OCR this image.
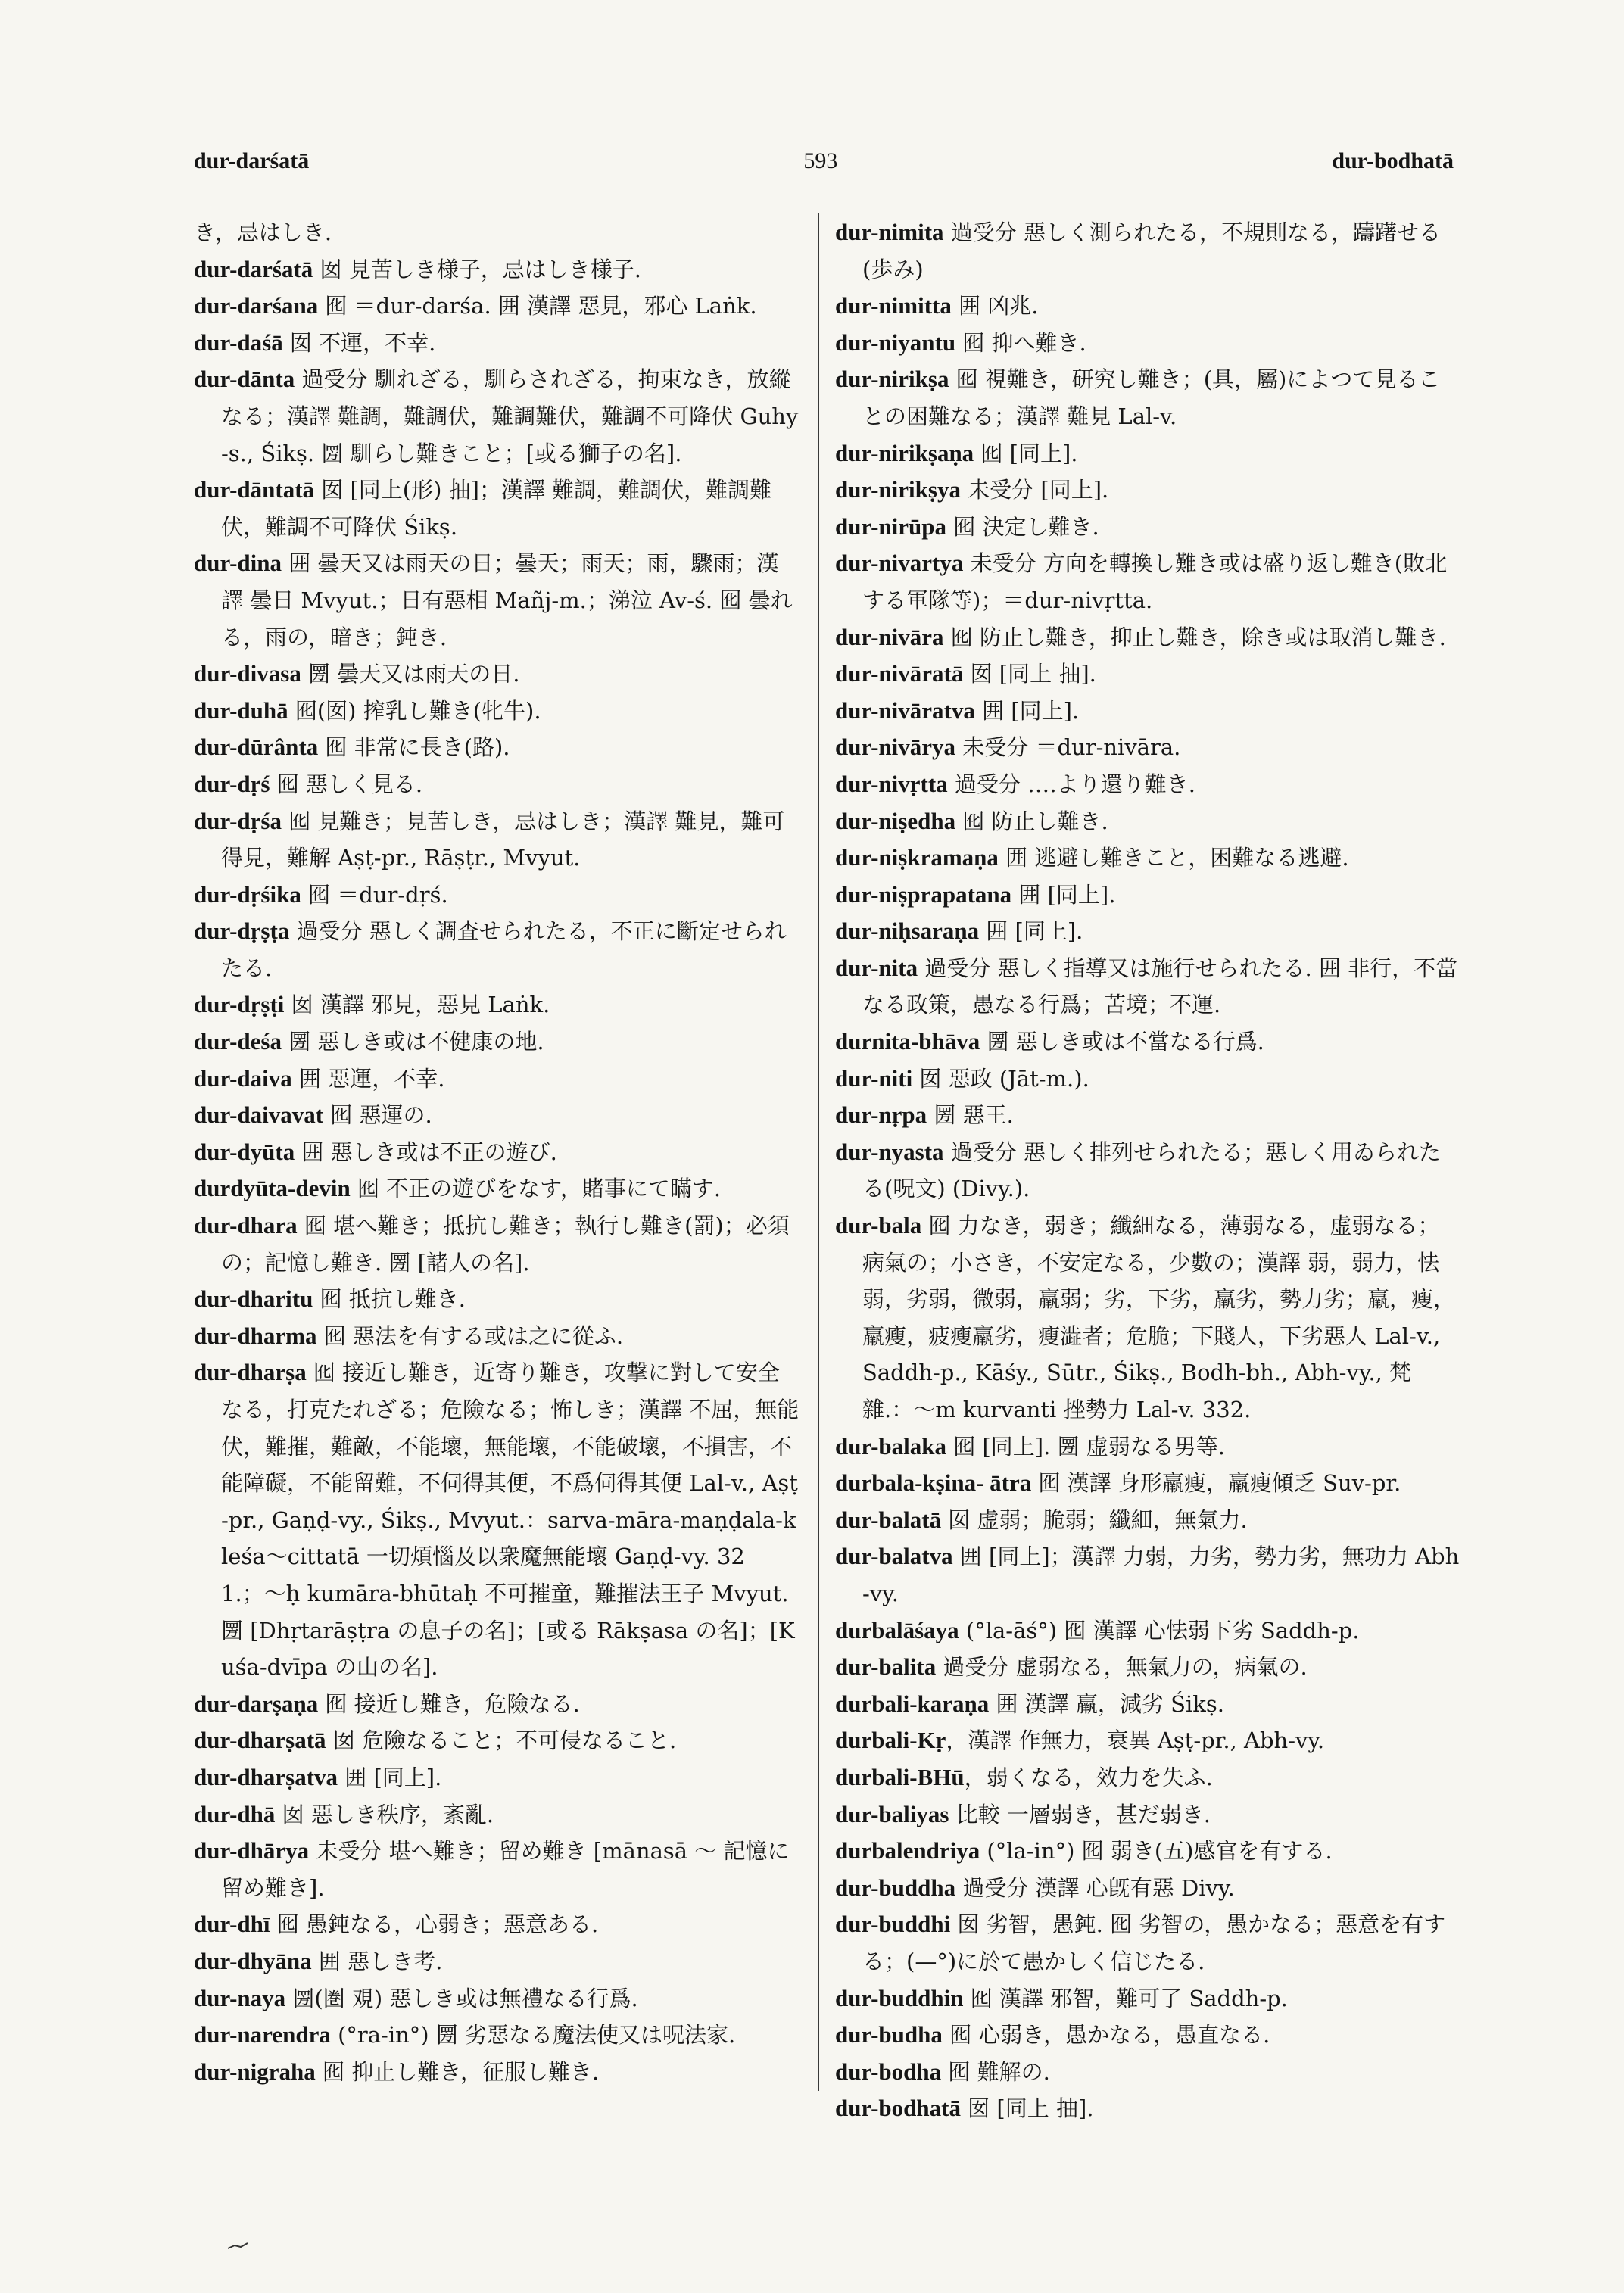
dur-darśatā	593	dur-bodhatā

き，忌はしき.

dur-darśatā 囡 見苦しき様子，忌はしき様子.

dur-darśana 囮 ＝dur-darśa. 囲 漢譯 惡見，邪心 Laṅk.

dur-daśā 囡 不運，不幸.

dur-dānta 過受分 馴れざる，馴らされざる，拘束なき，放縱なる；漢譯 難調，難調伏，難調難伏，難調不可降伏 Guhy-s., Śikṣ. 圐 馴らし難きこと；[或る獅子の名].

dur-dāntatā 囡 [同上(形) 抽]；漢譯 難調，難調伏，難調難伏，難調不可降伏 Śikṣ.

dur-dina 囲 曇天又は雨天の日；曇天；雨天；雨，驟雨；漢譯 曇日 Mvyut.；日有惡相 Mañj-m.；涕泣 Av-ś. 囮 曇れる，雨の，暗き；鈍き.

dur-divasa 圐 曇天又は雨天の日.

dur-duhā 囮(囡) 搾乳し難き(牝牛).

dur-dūrânta 囮 非常に長き(路).

dur-dṛś 囮 惡しく見る.

dur-dṛśa 囮 見難き；見苦しき，忌はしき；漢譯 難見，難可得見，難解 Aṣṭ-pr., Rāṣṭr., Mvyut.

dur-dṛśika 囮 ＝dur-dṛś.

dur-dṛṣṭa 過受分 惡しく調査せられたる，不正に斷定せられたる.

dur-dṛṣṭi 囡 漢譯 邪見，惡見 Laṅk.

dur-deśa 圐 惡しき或は不健康の地.

dur-daiva 囲 惡運，不幸.

dur-daivavat 囮 惡運の.

dur-dyūta 囲 惡しき或は不正の遊び.

durdyūta-devin 囮 不正の遊びをなす，賭事にて瞞す.

dur-dhara 囮 堪へ難き；抵抗し難き；執行し難き(罰)；必須の；記憶し難き. 圐 [諸人の名].

dur-dharitu 囮 抵抗し難き.

dur-dharma 囮 惡法を有する或は之に從ふ.

dur-dharṣa 囮 接近し難き，近寄り難き，攻撃に對して安全なる，打克たれざる；危險なる；怖しき；漢譯 不屈，無能伏，難摧，難敵，不能壞，無能壞，不能破壞，不損害，不能障礙，不能留難，不伺得其便，不爲伺得其便 Lal-v., Aṣṭ-pr., Gaṇḍ-vy., Śikṣ., Mvyut.：sarva-māra-maṇḍala-kleśa〜cittatā 一切煩惱及以衆魔無能壞 Gaṇḍ-vy. 321.；〜ḥ kumāra-bhūtaḥ 不可摧童，難摧法王子 Mvyut. 圐 [Dhṛtarāṣṭra の息子の名]；[或る Rākṣasa の名]；[Kuśa-dvīpa の山の名].

dur-darṣaṇa 囮 接近し難き，危險なる.

dur-dharṣatā 囡 危險なること；不可侵なること.

dur-dharṣatva 囲 [同上].

dur-dhā 囡 惡しき秩序，紊亂.

dur-dhārya 未受分 堪へ難き；留め難き [mānasā 〜 記憶に留め難き].

dur-dhī 囮 愚鈍なる，心弱き；惡意ある.

dur-dhyāna 囲 惡しき考.

dur-naya 圐(圏 覌) 惡しき或は無禮なる行爲.

dur-narendra (°ra-in°) 圐 劣惡なる魔法使又は呪法家.

dur-nigraha 囮 抑止し難き，征服し難き.

dur-nimita 過受分 惡しく測られたる，不規則なる，躊躇せる(歩み)

dur-nimitta 囲 凶兆.

dur-niyantu 囮 抑へ難き.

dur-nirikṣa 囮 視難き，研究し難き；(具，屬)によつて見ることの困難なる；漢譯 難見 Lal-v.

dur-nirikṣaṇa 囮 [同上].

dur-nirikṣya 未受分 [同上].

dur-nirūpa 囮 決定し難き.

dur-nivartya 未受分 方向を轉換し難き或は盛り返し難き(敗北する軍隊等)；＝dur-nivṛtta.

dur-nivāra 囮 防止し難き，抑止し難き，除き或は取消し難き.

dur-nivāratā 囡 [同上 抽].

dur-nivāratva 囲 [同上].

dur-nivārya 未受分 ＝dur-nivāra.

dur-nivṛtta 過受分 ‥‥より還り難き.

dur-niṣedha 囮 防止し難き.

dur-niṣkramaṇa 囲 逃避し難きこと，困難なる逃避.

dur-niṣprapatana 囲 [同上].

dur-niḥsaraṇa 囲 [同上].

dur-nita 過受分 惡しく指導又は施行せられたる. 囲 非行，不當なる政策，愚なる行爲；苦境；不運.

durnita-bhāva 圐 惡しき或は不當なる行爲.

dur-niti 囡 惡政 (Jāt-m.).

dur-nṛpa 圐 惡王.

dur-nyasta 過受分 惡しく排列せられたる；惡しく用ゐられたる(呪文) (Divy.).

dur-bala 囮 力なき，弱き；纖細なる，薄弱なる，虚弱なる；病氣の；小さき，不安定なる，少數の；漢譯 弱，弱力，怯弱，劣弱，微弱，羸弱；劣，下劣，羸劣，勢力劣；羸，瘦，羸瘦，疲瘦羸劣，瘦澁者；危脆；下賤人，下劣惡人 Lal-v., Saddh-p., Kāśy., Sūtr., Śikṣ., Bodh-bh., Abh-vy., 梵雜.：〜m kurvanti 挫勢力 Lal-v. 332.

dur-balaka 囮 [同上]. 圐 虚弱なる男等.

durbala-kṣina- ātra 囮 漢譯 身形羸瘦，羸瘦傾乏 Suv-pr.

dur-balatā 囡 虚弱；脆弱；纖細，無氣力.

dur-balatva 囲 [同上]；漢譯 力弱，力劣，勢力劣，無功力 Abh-vy.

durbalāśaya (°la-āś°) 囮 漢譯 心怯弱下劣 Saddh-p.

dur-balita 過受分 虚弱なる，無氣力の，病氣の.

durbali-karaṇa 囲 漢譯 羸，減劣 Śikṣ.

durbali-Kṛ，漢譯 作無力，衰異 Aṣṭ-pr., Abh-vy.

durbali-BHū，弱くなる，效力を失ふ.

dur-baliyas 比較 一層弱き，甚だ弱き.

durbalendriya (°la-in°) 囮 弱き(五)感官を有する.

dur-buddha 過受分 漢譯 心旣有惡 Divy.

dur-buddhi 囡 劣智，愚鈍. 囮 劣智の，愚かなる；惡意を有する；(—°)に於て愚かしく信じたる.

dur-buddhin 囮 漢譯 邪智，難可了 Saddh-p.

dur-budha 囮 心弱き，愚かなる，愚直なる.

dur-bodha 囮 難解の.

dur-bodhatā 囡 [同上 抽].
